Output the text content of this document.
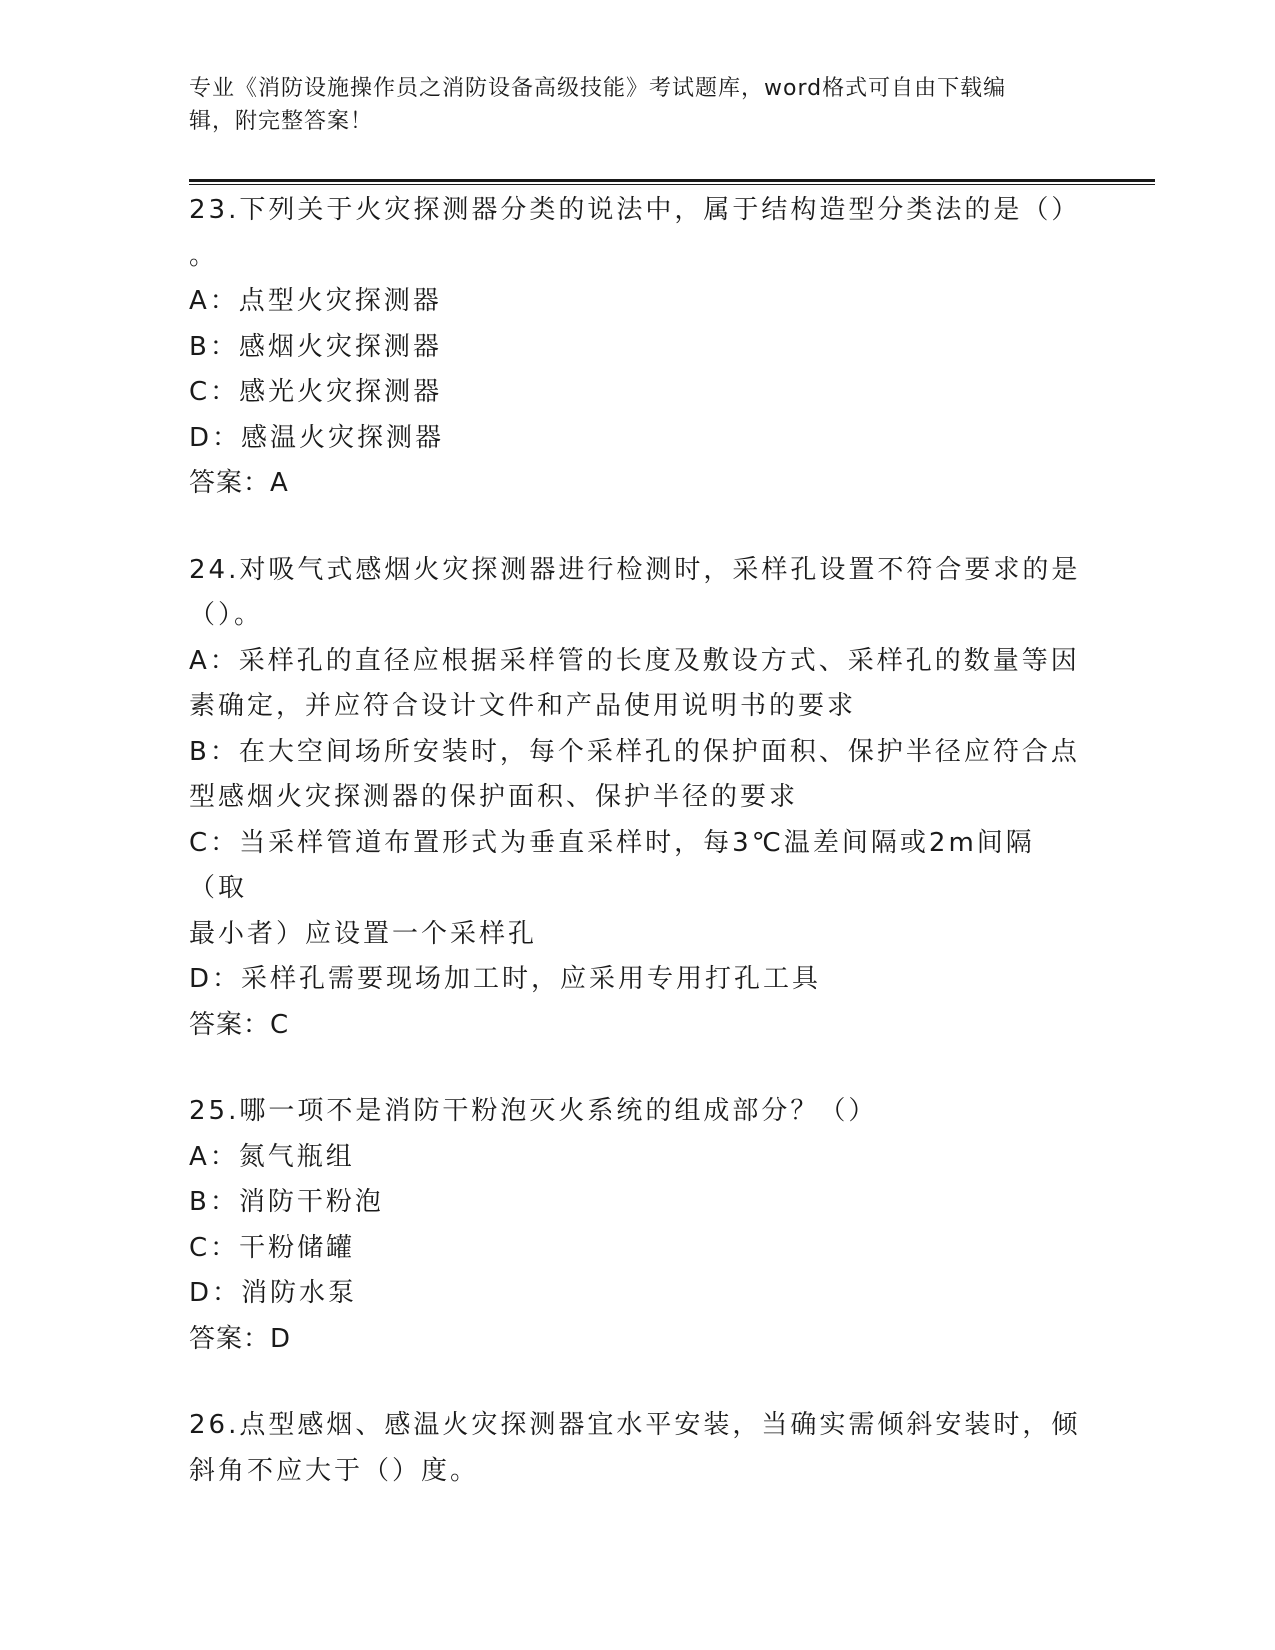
专业《消防设施操作员之消防设备高级技能》考试题库，word格式可自由下载编
辑，附完整答案！
23.下列关于火灾探测器分类的说法中，属于结构造型分类法的是（）
。
A：点型火灾探测器
B：感烟火灾探测器
C：感光火灾探测器
D：感温火灾探测器
答案：A
24.对吸气式感烟火灾探测器进行检测时，采样孔设置不符合要求的是
（）。
A：采样孔的直径应根据采样管的长度及敷设方式、采样孔的数量等因
素确定，并应符合设计文件和产品使用说明书的要求
B：在大空间场所安装时，每个采样孔的保护面积、保护半径应符合点
型感烟火灾探测器的保护面积、保护半径的要求
C：当采样管道布置形式为垂直采样时，每3℃温差间隔或2m间隔（取
最小者）应设置一个采样孔
D：采样孔需要现场加工时，应采用专用打孔工具
答案：C
25.哪一项不是消防干粉泡灭火系统的组成部分？（）
A：氮气瓶组
B：消防干粉泡
C：干粉储罐
D：消防水泵
答案：D
26.点型感烟、感温火灾探测器宜水平安装，当确实需倾斜安装时，倾
斜角不应大于（）度。
